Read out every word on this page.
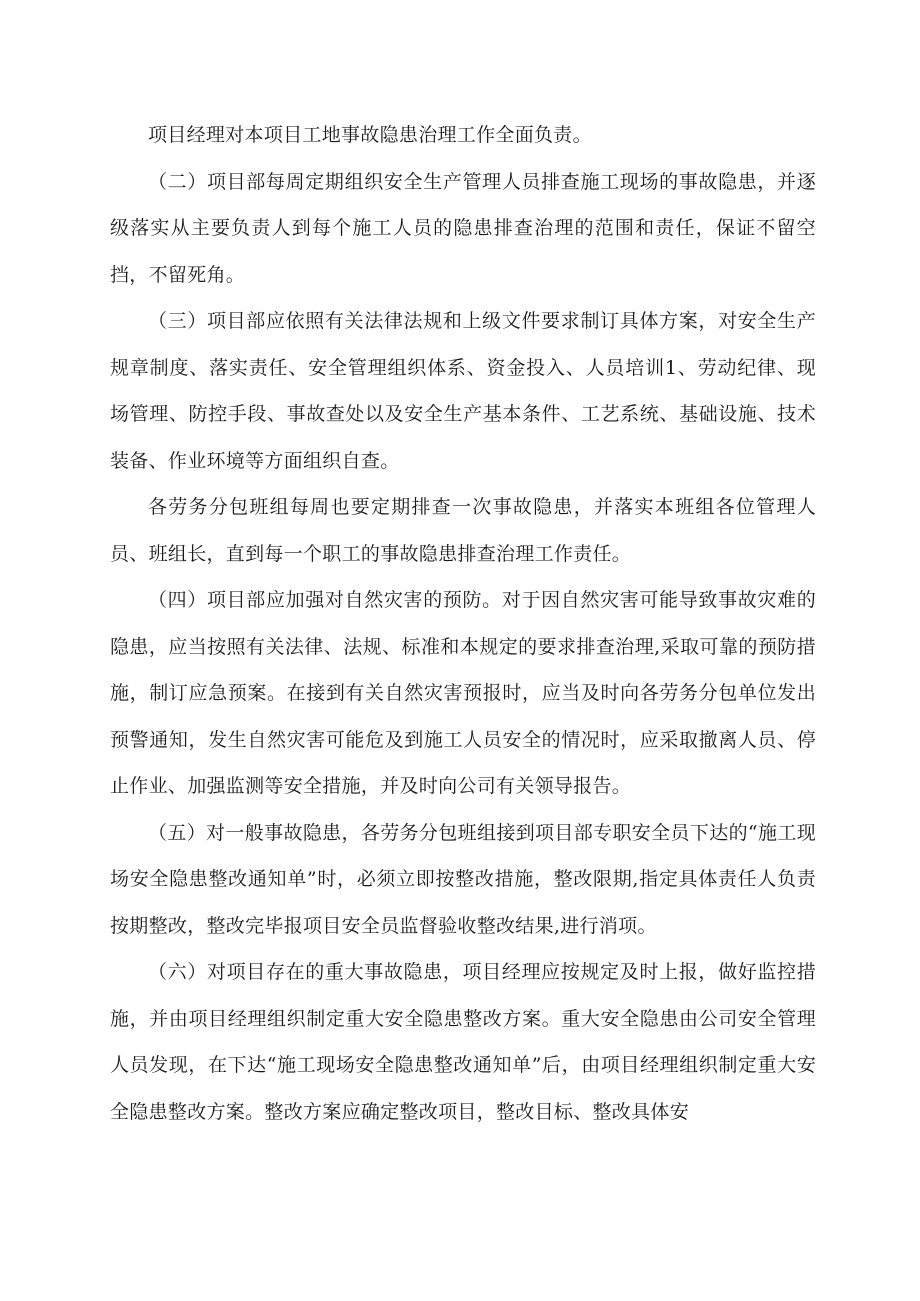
项目经理对本项目工地事故隐患治理工作全面负责。

（二）项目部每周定期组织安全生产管理人员排查施工现场的事故隐患，并逐级落实从主要负责人到每个施工人员的隐患排查治理的范围和责任，保证不留空挡，不留死角。

（三）项目部应依照有关法律法规和上级文件要求制订具体方案，对安全生产规章制度、落实责任、安全管理组织体系、资金投入、人员培训1、劳动纪律、现场管理、防控手段、事故查处以及安全生产基本条件、工艺系统、基础设施、技术装备、作业环境等方面组织自查。

各劳务分包班组每周也要定期排查一次事故隐患，并落实本班组各位管理人员、班组长，直到每一个职工的事故隐患排查治理工作责任。

（四）项目部应加强对自然灾害的预防。对于因自然灾害可能导致事故灾难的隐患，应当按照有关法律、法规、标准和本规定的要求排查治理,采取可靠的预防措施，制订应急预案。在接到有关自然灾害预报时，应当及时向各劳务分包单位发出预警通知，发生自然灾害可能危及到施工人员安全的情况时，应采取撤离人员、停止作业、加强监测等安全措施，并及时向公司有关领导报告。

（五）对一般事故隐患，各劳务分包班组接到项目部专职安全员下达的“施工现场安全隐患整改通知单”时，必须立即按整改措施，整改限期,指定具体责任人负责按期整改，整改完毕报项目安全员监督验收整改结果,进行消项。

（六）对项目存在的重大事故隐患，项目经理应按规定及时上报，做好监控措施，并由项目经理组织制定重大安全隐患整改方案。重大安全隐患由公司安全管理人员发现，在下达“施工现场安全隐患整改通知单”后，由项目经理组织制定重大安全隐患整改方案。整改方案应确定整改项目，整改目标、整改具体安
